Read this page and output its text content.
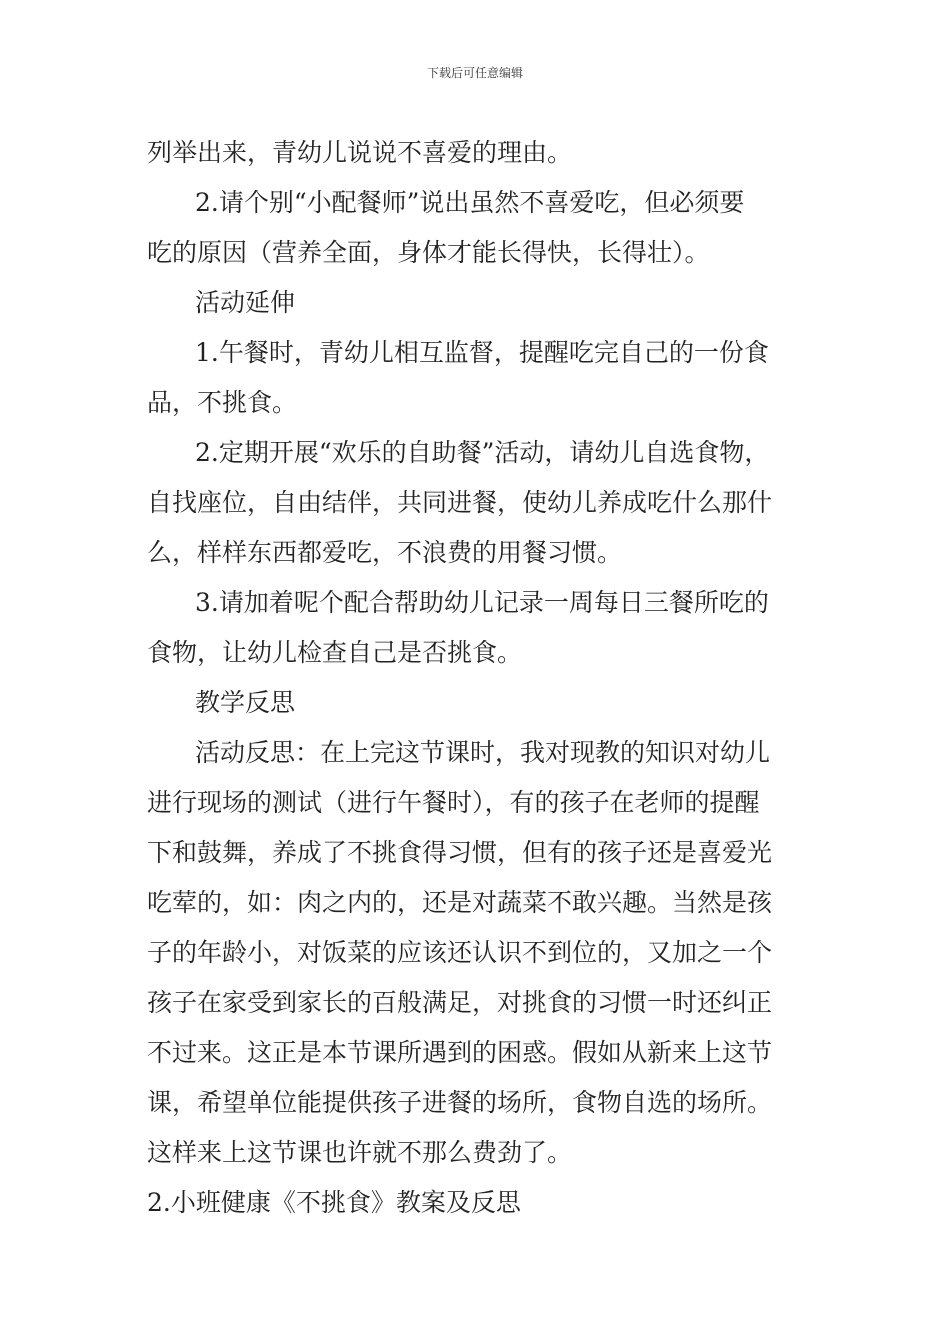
下载后可任意编辑
列举出来，青幼儿说说不喜爱的理由。
2.请个别“小配餐师”说出虽然不喜爱吃，但必须要
吃的原因（营养全面，身体才能长得快，长得壮）。
活动延伸
1.午餐时，青幼儿相互监督，提醒吃完自己的一份食
品，不挑食。
2.定期开展“欢乐的自助餐”活动，请幼儿自选食物，
自找座位，自由结伴，共同进餐，使幼儿养成吃什么那什
么，样样东西都爱吃，不浪费的用餐习惯。
3.请加着呢个配合帮助幼儿记录一周每日三餐所吃的
食物，让幼儿检查自己是否挑食。
教学反思
活动反思：在上完这节课时，我对现教的知识对幼儿
进行现场的测试（进行午餐时），有的孩子在老师的提醒
下和鼓舞，养成了不挑食得习惯，但有的孩子还是喜爱光
吃荤的，如：肉之内的，还是对蔬菜不敢兴趣。当然是孩
子的年龄小，对饭菜的应该还认识不到位的，又加之一个
孩子在家受到家长的百般满足，对挑食的习惯一时还纠正
不过来。这正是本节课所遇到的困惑。假如从新来上这节
课，希望单位能提供孩子进餐的场所，食物自选的场所。
这样来上这节课也许就不那么费劲了。
2.小班健康《不挑食》教案及反思
